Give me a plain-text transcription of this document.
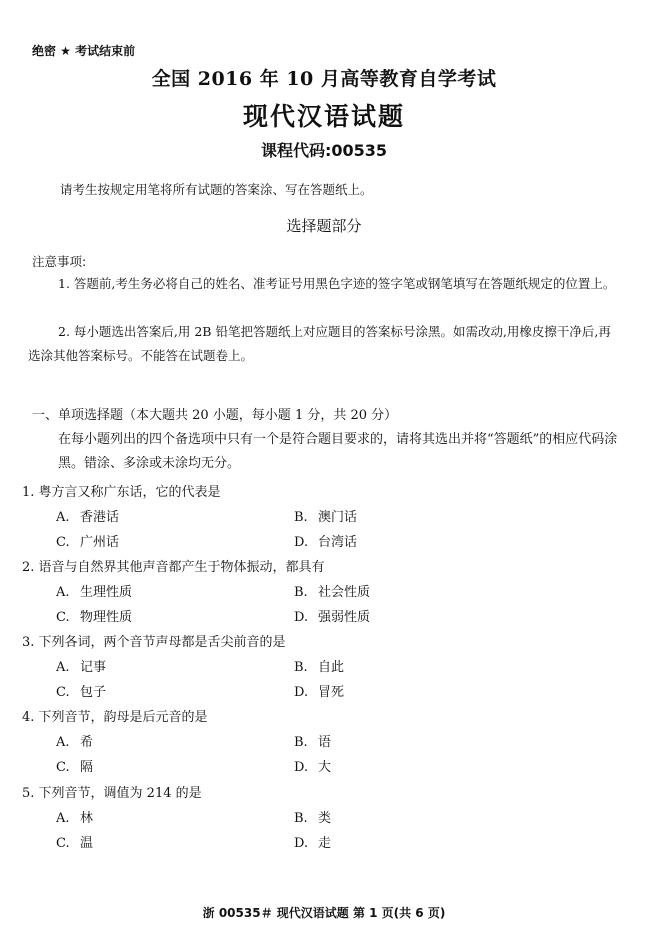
绝密 ★ 考试结束前
全国 2016 年 10 月高等教育自学考试
现代汉语试题
课程代码:00535
请考生按规定用笔将所有试题的答案涂、写在答题纸上。
选择题部分
注意事项:
1. 答题前,考生务必将自己的姓名、准考证号用黑色字迹的签字笔或钢笔填写在答题纸规定的位置上。
2. 每小题选出答案后,用 2B 铅笔把答题纸上对应题目的答案标号涂黑。如需改动,用橡皮擦干净后,再选涂其他答案标号。不能答在试题卷上。
一、单项选择题（本大题共 20 小题，每小题 1 分，共 20 分）
在每小题列出的四个备选项中只有一个是符合题目要求的，请将其选出并将“答题纸”的相应代码涂黑。错涂、多涂或未涂均无分。
1. 粤方言又称广东话，它的代表是
A. 香港话	B. 澳门话
C. 广州话	D. 台湾话
2. 语音与自然界其他声音都产生于物体振动，都具有
A. 生理性质	B. 社会性质
C. 物理性质	D. 强弱性质
3. 下列各词，两个音节声母都是舌尖前音的是
A. 记事	B. 自此
C. 包子	D. 冒死
4. 下列音节，韵母是后元音的是
A. 希	B. 语
C. 隔	D. 大
5. 下列音节，调值为 214 的是
A. 林	B. 类
C. 温	D. 走
浙 00535＃ 现代汉语试题 第 1 页(共 6 页)
